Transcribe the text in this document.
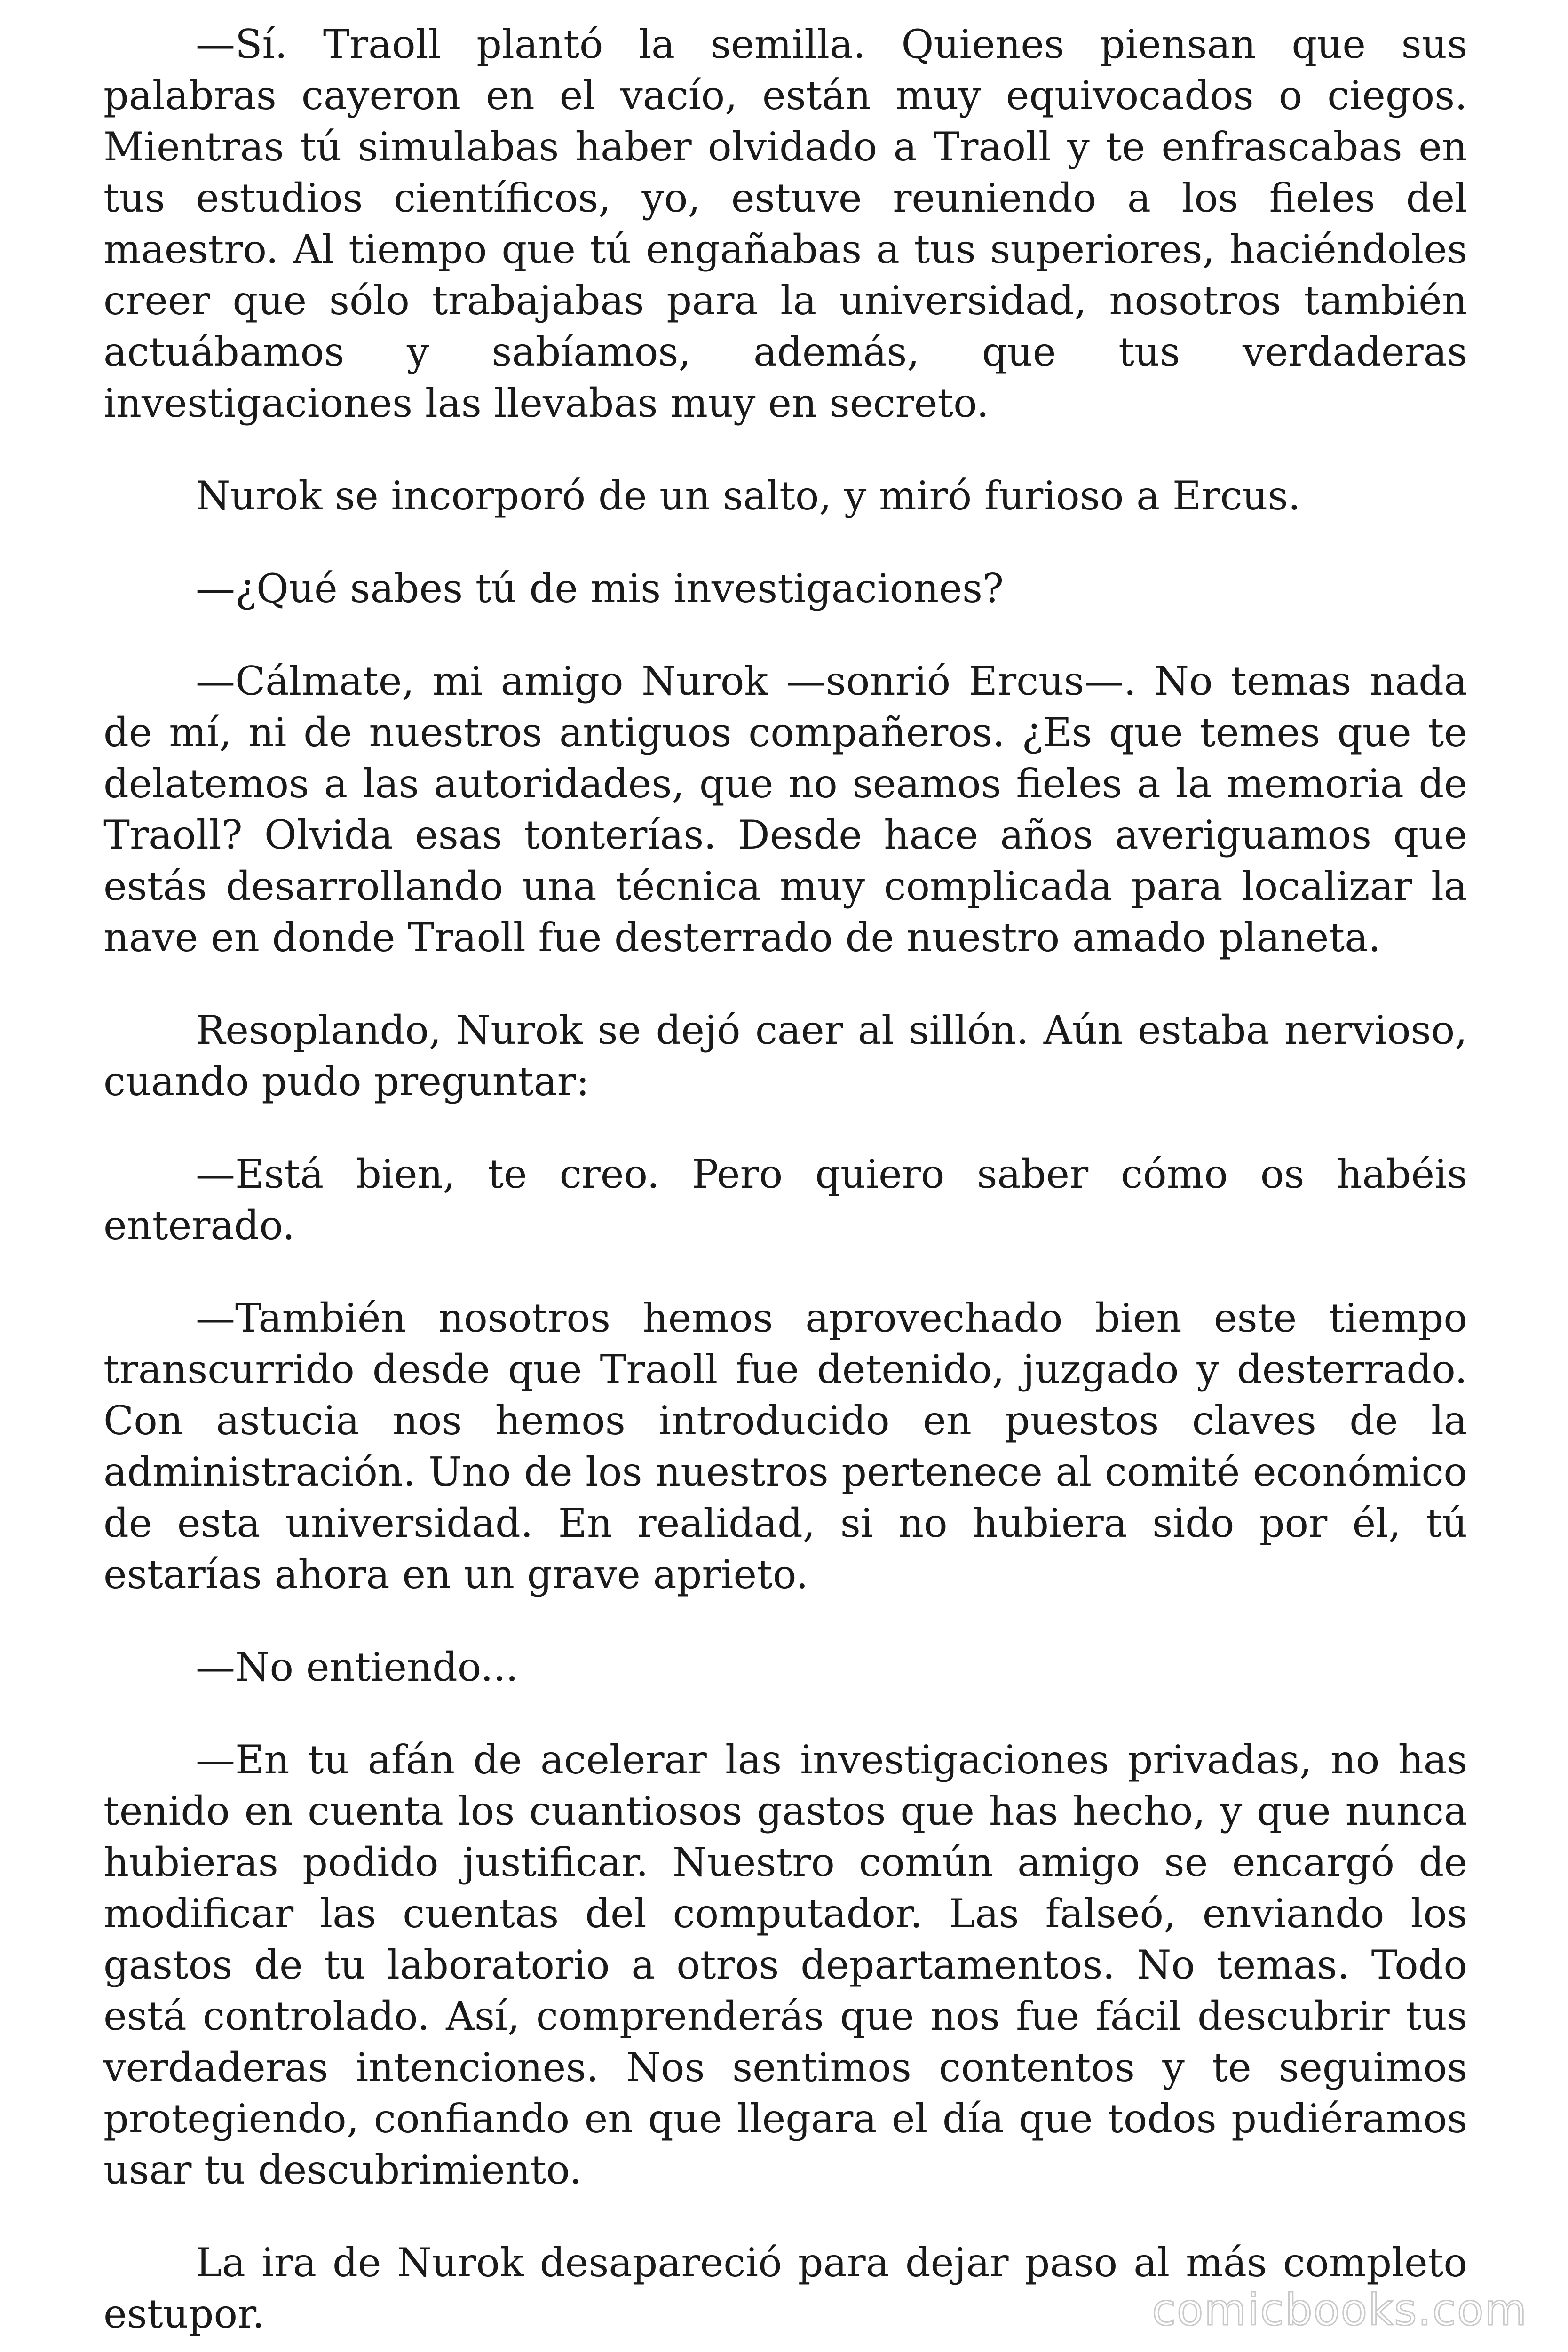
—Sí. Traoll plantó la semilla. Quienes piensan que sus palabras cayeron en el vacío, están muy equivocados o ciegos. Mientras tú simulabas haber olvidado a Traoll y te enfrascabas en tus estudios científicos, yo, estuve reuniendo a los fieles del maestro. Al tiempo que tú engañabas a tus superiores, haciéndoles creer que sólo trabajabas para la universidad, nosotros también actuábamos y sabíamos, además, que tus verdaderas investigaciones las llevabas muy en secreto.

Nurok se incorporó de un salto, y miró furioso a Ercus.

—¿Qué sabes tú de mis investigaciones?

—Cálmate, mi amigo Nurok —sonrió Ercus—. No temas nada de mí, ni de nuestros antiguos compañeros. ¿Es que temes que te delatemos a las autoridades, que no seamos fieles a la memoria de Traoll? Olvida esas tonterías. Desde hace años averiguamos que estás desarrollando una técnica muy complicada para localizar la nave en donde Traoll fue desterrado de nuestro amado planeta.

Resoplando, Nurok se dejó caer al sillón. Aún estaba nervioso, cuando pudo preguntar:

—Está bien, te creo. Pero quiero saber cómo os habéis enterado.

—También nosotros hemos aprovechado bien este tiempo transcurrido desde que Traoll fue detenido, juzgado y desterrado. Con astucia nos hemos introducido en puestos claves de la administración. Uno de los nuestros pertenece al comité económico de esta universidad. En realidad, si no hubiera sido por él, tú estarías ahora en un grave aprieto.

—No entiendo...

—En tu afán de acelerar las investigaciones privadas, no has tenido en cuenta los cuantiosos gastos que has hecho, y que nunca hubieras podido justificar. Nuestro común amigo se encargó de modificar las cuentas del computador. Las falseó, enviando los gastos de tu laboratorio a otros departamentos. No temas. Todo está controlado. Así, comprenderás que nos fue fácil descubrir tus verdaderas intenciones. Nos sentimos contentos y te seguimos protegiendo, confiando en que llegara el día que todos pudiéramos usar tu descubrimiento.

La ira de Nurok desapareció para dejar paso al más completo estupor.	comicbooks.com
